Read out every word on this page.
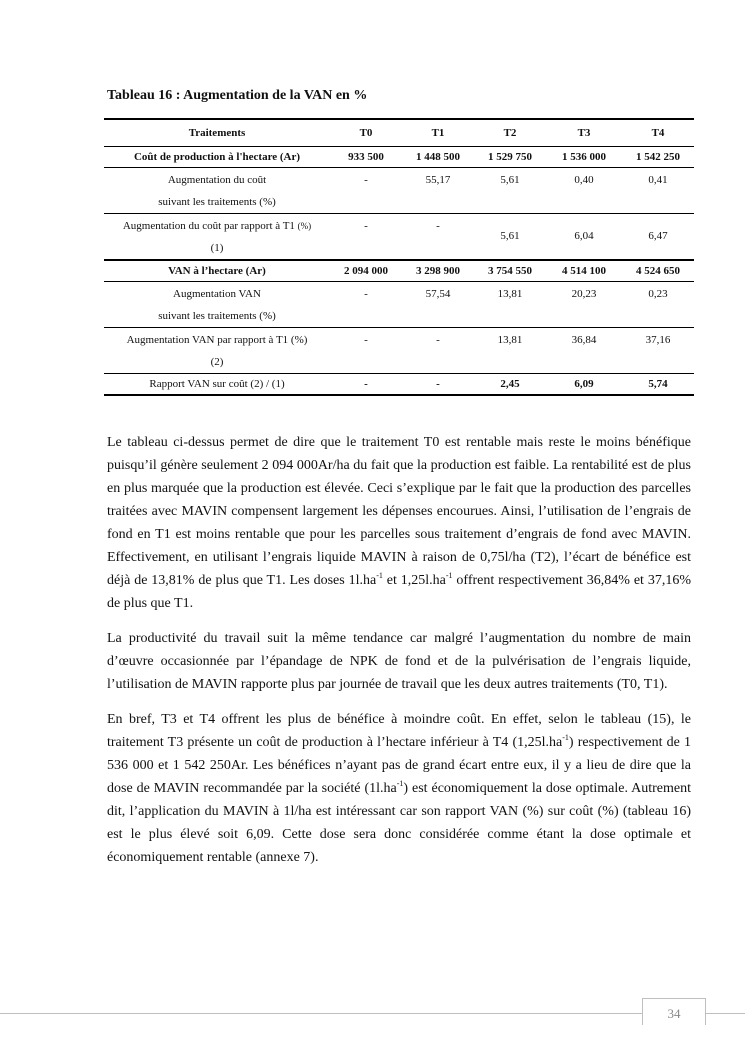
Tableau 16 : Augmentation de la VAN en %
Traitements	T0	T1	T2	T3	T4
Coût de production à l'hectare (Ar)	933 500	1 448 500	1 529 750	1 536 000	1 542 250
Augmentation du coût
suivant les traitements (%)	-	55,17	5,61	0,40	0,41
Augmentation du coût par rapport à T1 (%)
(1)	-	-	5,61	6,04	6,47

VAN à l’hectare (Ar)	2 094 000	3 298 900	3 754 550	4 514 100	4 524 650
Augmentation VAN
suivant les traitements (%)	-	57,54	13,81	20,23	0,23
Augmentation VAN par rapport à T1 (%)
(2)	-	-	13,81	36,84	37,16
Rapport VAN sur coût (2) / (1)	-	-	2,45	6,09	5,74

Le tableau ci-dessus permet de dire que le traitement T0 est rentable mais reste le moins bénéfique puisqu’il génère seulement 2 094 000Ar/ha du fait que la production est faible. La rentabilité est de plus en plus marquée que la production est élevée. Ceci s’explique par le fait que la production des parcelles traitées avec MAVIN compensent largement les dépenses encourues. Ainsi, l’utilisation de l’engrais de fond en T1 est moins rentable que pour les parcelles sous traitement d’engrais de fond avec MAVIN. Effectivement, en utilisant l’engrais liquide MAVIN à raison de 0,75l/ha (T2), l’écart de bénéfice est déjà de 13,81% de plus que T1. Les doses $1l.ha^{-1}$ et $1,25l.ha^{-1}$ offrent respectivement 36,84% et 37,16% de plus que T1.

La productivité du travail suit la même tendance car malgré l’augmentation du nombre de main d’œuvre occasionnée par l’épandage de NPK de fond et de la pulvérisation de l’engrais liquide, l’utilisation de MAVIN rapporte plus par journée de travail que les deux autres traitements (T0, T1).

En bref, T3 et T4 offrent les plus de bénéfice à moindre coût. En effet, selon le tableau (15), le traitement T3 présente un coût de production à l’hectare inférieur à T4 $(1,25l.ha^{-1})$ respectivement de 1 536 000 et 1 542 250Ar. Les bénéfices n’ayant pas de grand écart entre eux, il y a lieu de dire que la dose de MAVIN recommandée par la société $(1l.ha^{-1})$ est économiquement la dose optimale. Autrement dit, l’application du MAVIN à 1l/ha est intéressant car son rapport VAN (%) sur coût (%) (tableau 16) est le plus élevé soit 6,09. Cette dose sera donc considérée comme étant la dose optimale et économiquement rentable (annexe 7).

34
